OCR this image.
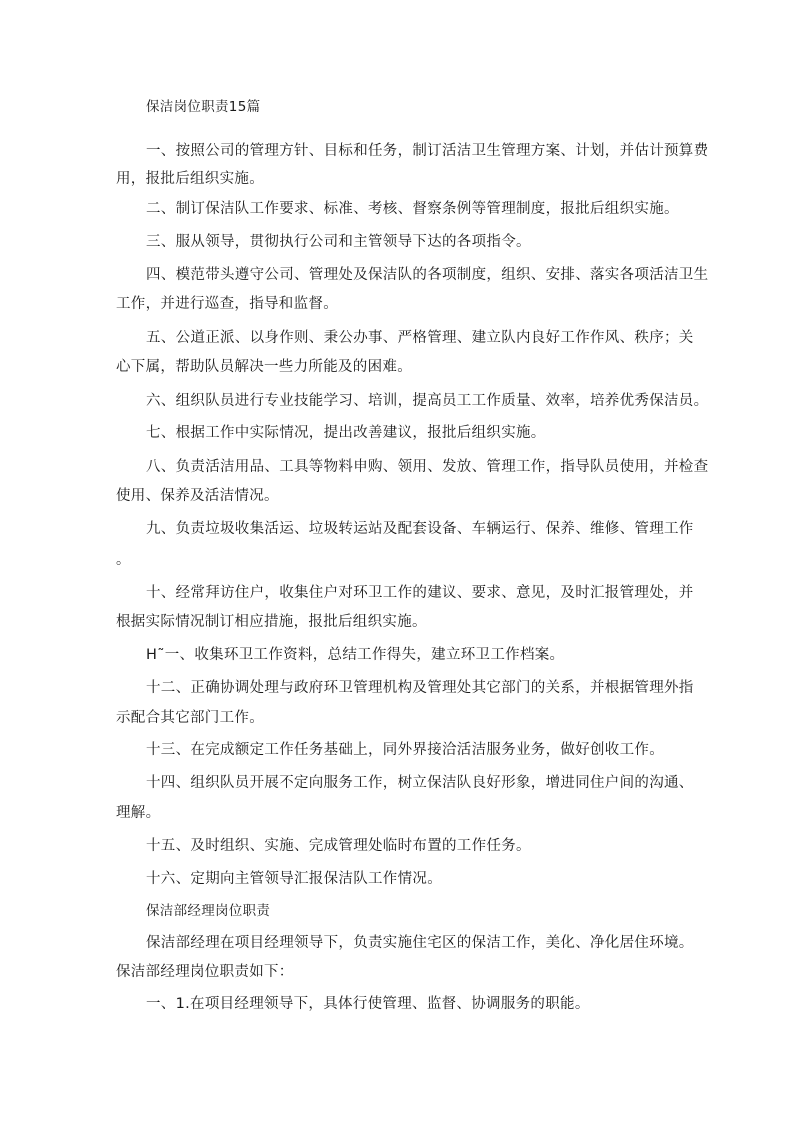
保洁岗位职责15篇
一、按照公司的管理方针、目标和任务，制订活洁卫生管理方案、计划，并估计预算费
用，报批后组织实施。
二、制订保洁队工作要求、标准、考核、督察条例等管理制度，报批后组织实施。
三、服从领导，贯彻执行公司和主管领导下达的各项指令。
四、模范带头遵守公司、管理处及保洁队的各项制度，组织、安排、落实各项活洁卫生
工作，并进行巡查，指导和监督。
五、公道正派、以身作则、秉公办事、严格管理、建立队内良好工作作风、秩序；关
心下属，帮助队员解决一些力所能及的困难。
六、组织队员进行专业技能学习、培训，提高员工工作质量、效率，培养优秀保洁员。
七、根据工作中实际情况，提出改善建议，报批后组织实施。
八、负责活洁用品、工具等物料申购、领用、发放、管理工作，指导队员使用，并检查
使用、保养及活洁情况。
九、负责垃圾收集活运、垃圾转运站及配套设备、车辆运行、保养、维修、管理工作
。
十、经常拜访住户，收集住户对环卫工作的建议、要求、意见，及时汇报管理处，并
根据实际情况制订相应措施，报批后组织实施。
H˜一、收集环卫工作资料，总结工作得失，建立环卫工作档案。
十二、正确协调处理与政府环卫管理机构及管理处其它部门的关系，并根据管理外指
示配合其它部门工作。
十三、在完成额定工作任务基础上，同外界接洽活洁服务业务，做好创收工作。
十四、组织队员开展不定向服务工作，树立保洁队良好形象，增进同住户间的沟通、
理解。
十五、及时组织、实施、完成管理处临时布置的工作任务。
十六、定期向主管领导汇报保洁队工作情况。
保洁部经理岗位职责
保洁部经理在项目经理领导下，负责实施住宅区的保洁工作，美化、净化居住环境。
保洁部经理岗位职责如下：
一、1.在项目经理领导下，具体行使管理、监督、协调服务的职能。
